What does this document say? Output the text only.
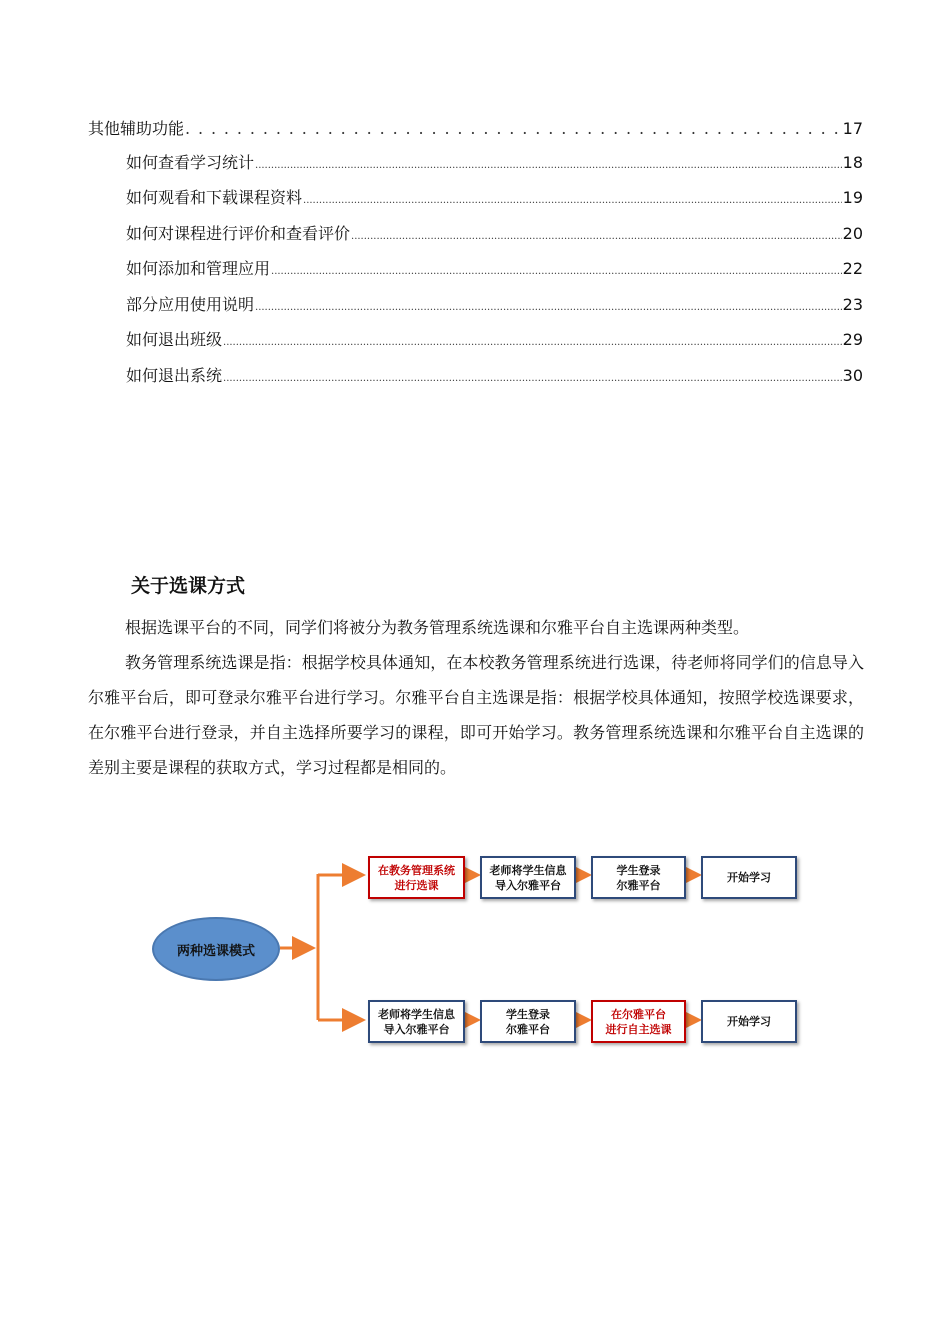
其他辅助功能 . . .	17
如何查看学习统计 .....	18
如何观看和下载课程资料 .....	19
如何对课程进行评价和查看评价 .....	20
如何添加和管理应用 .....	22
部分应用使用说明 .....	23
如何退出班级 .....	29
如何退出系统 .....	30
关于选课方式

根据选课平台的不同，同学们将被分为教务管理系统选课和尔雅平台自主选课两种类型。

教务管理系统选课是指：根据学校具体通知，在本校教务管理系统进行选课，待老师将同学们的信息导入尔雅平台后，即可登录尔雅平台进行学习。尔雅平台自主选课是指：根据学校具体通知，按照学校选课要求，在尔雅平台进行登录，并自主选择所要学习的课程，即可开始学习。教务管理系统选课和尔雅平台自主选课的差别主要是课程的获取方式，学习过程都是相同的。

两种选课模式
在教务管理系统
进行选课
老师将学生信息
导入尔雅平台
学生登录
尔雅平台
开始学习
老师将学生信息
导入尔雅平台
学生登录
尔雅平台
在尔雅平台
进行自主选课
开始学习
